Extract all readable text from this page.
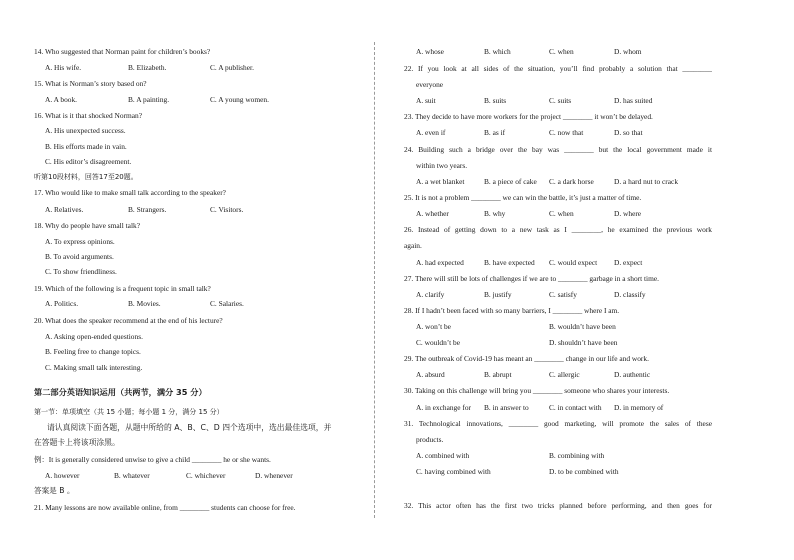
14. Who suggested that Norman paint for children’s books?
A. His wife.	B. Elizabeth.	C. A publisher.
15. What is Norman’s story based on?
A. A book.	B. A painting.	C. A young women.
16. What is it that shocked Norman?
A. His unexpected success.
B. His efforts made in vain.
C. His editor’s disagreement.
听第10段材料，回答17至20题。
17. Who would like to make small talk according to the speaker?
A. Relatives.	B. Strangers.	C. Visitors.
18. Why do people have small talk?
A. To express opinions.
B. To avoid arguments.
C. To show friendliness.
19. Which of the following is a frequent topic in small talk?
A. Politics.	B. Movies.	C. Salaries.
20. What does the speaker recommend at the end of his lecture?
A. Asking open-ended questions.
B. Feeling free to change topics.
C. Making small talk interesting.
第二部分英语知识运用（共两节，满分 35 分）
第一节：单项填空（共 15 小题；每小题 1 分，满分 15 分）
请认真阅读下面各题，从题中所给的 A、B、C、D 四个选项中，选出最佳选项，并
在答题卡上将该项涂黑。
例：It is generally considered unwise to give a child ________ he or she wants.
A. however	B. whatever	C. whichever	D. whenever
答案是 B 。
21. Many lessons are now available online, from ________ students can choose for free.
A. whose	B. which	C. when	D. whom
22. If you look at all sides of the situation, you’ll find probably a solution that ________
everyone
A. suit	B. suits	C. suits	D. has suited
23. They decide to have more workers for the project ________ it won’t be delayed.
A. even if	B. as if	C. now that	D. so that
24. Building such a bridge over the bay was ________ but the local government made it
within two years.
A. a wet blanket	B. a piece of cake C. a dark horse	D. a hard nut to crack
25. It is not a problem ________ we can win the battle, it’s just a matter of time.
A. whether	B. why	C. when	D. where
26. Instead of getting down to a new task as I ________, he examined the previous work
again.
A. had expected	B. have expected C. would expect D. expect
27. There will still be lots of challenges if we are to ________ garbage in a short time.
A. clarify	B. justify	C. satisfy	D. classify
28. If I hadn’t been faced with so many barriers, I ________ where I am.
A. won’t be	B. wouldn’t have been
C. wouldn’t be	D. shouldn’t have been
29. The outbreak of Covid-19 has meant an ________ change in our life and work.
A. absurd	B. abrupt	C. allergic	D. authentic
30. Taking on this challenge will bring you ________ someone who shares your interests.
A. in exchange for B. in answer to	C. in contact with D. in memory of
31. Technological innovations, ________ good marketing, will promote the sales of these
products.
A. combined with	B. combining with
C. having combined with	D. to be combined with
32. This actor often has the first two tricks planned before performing, and then goes for
